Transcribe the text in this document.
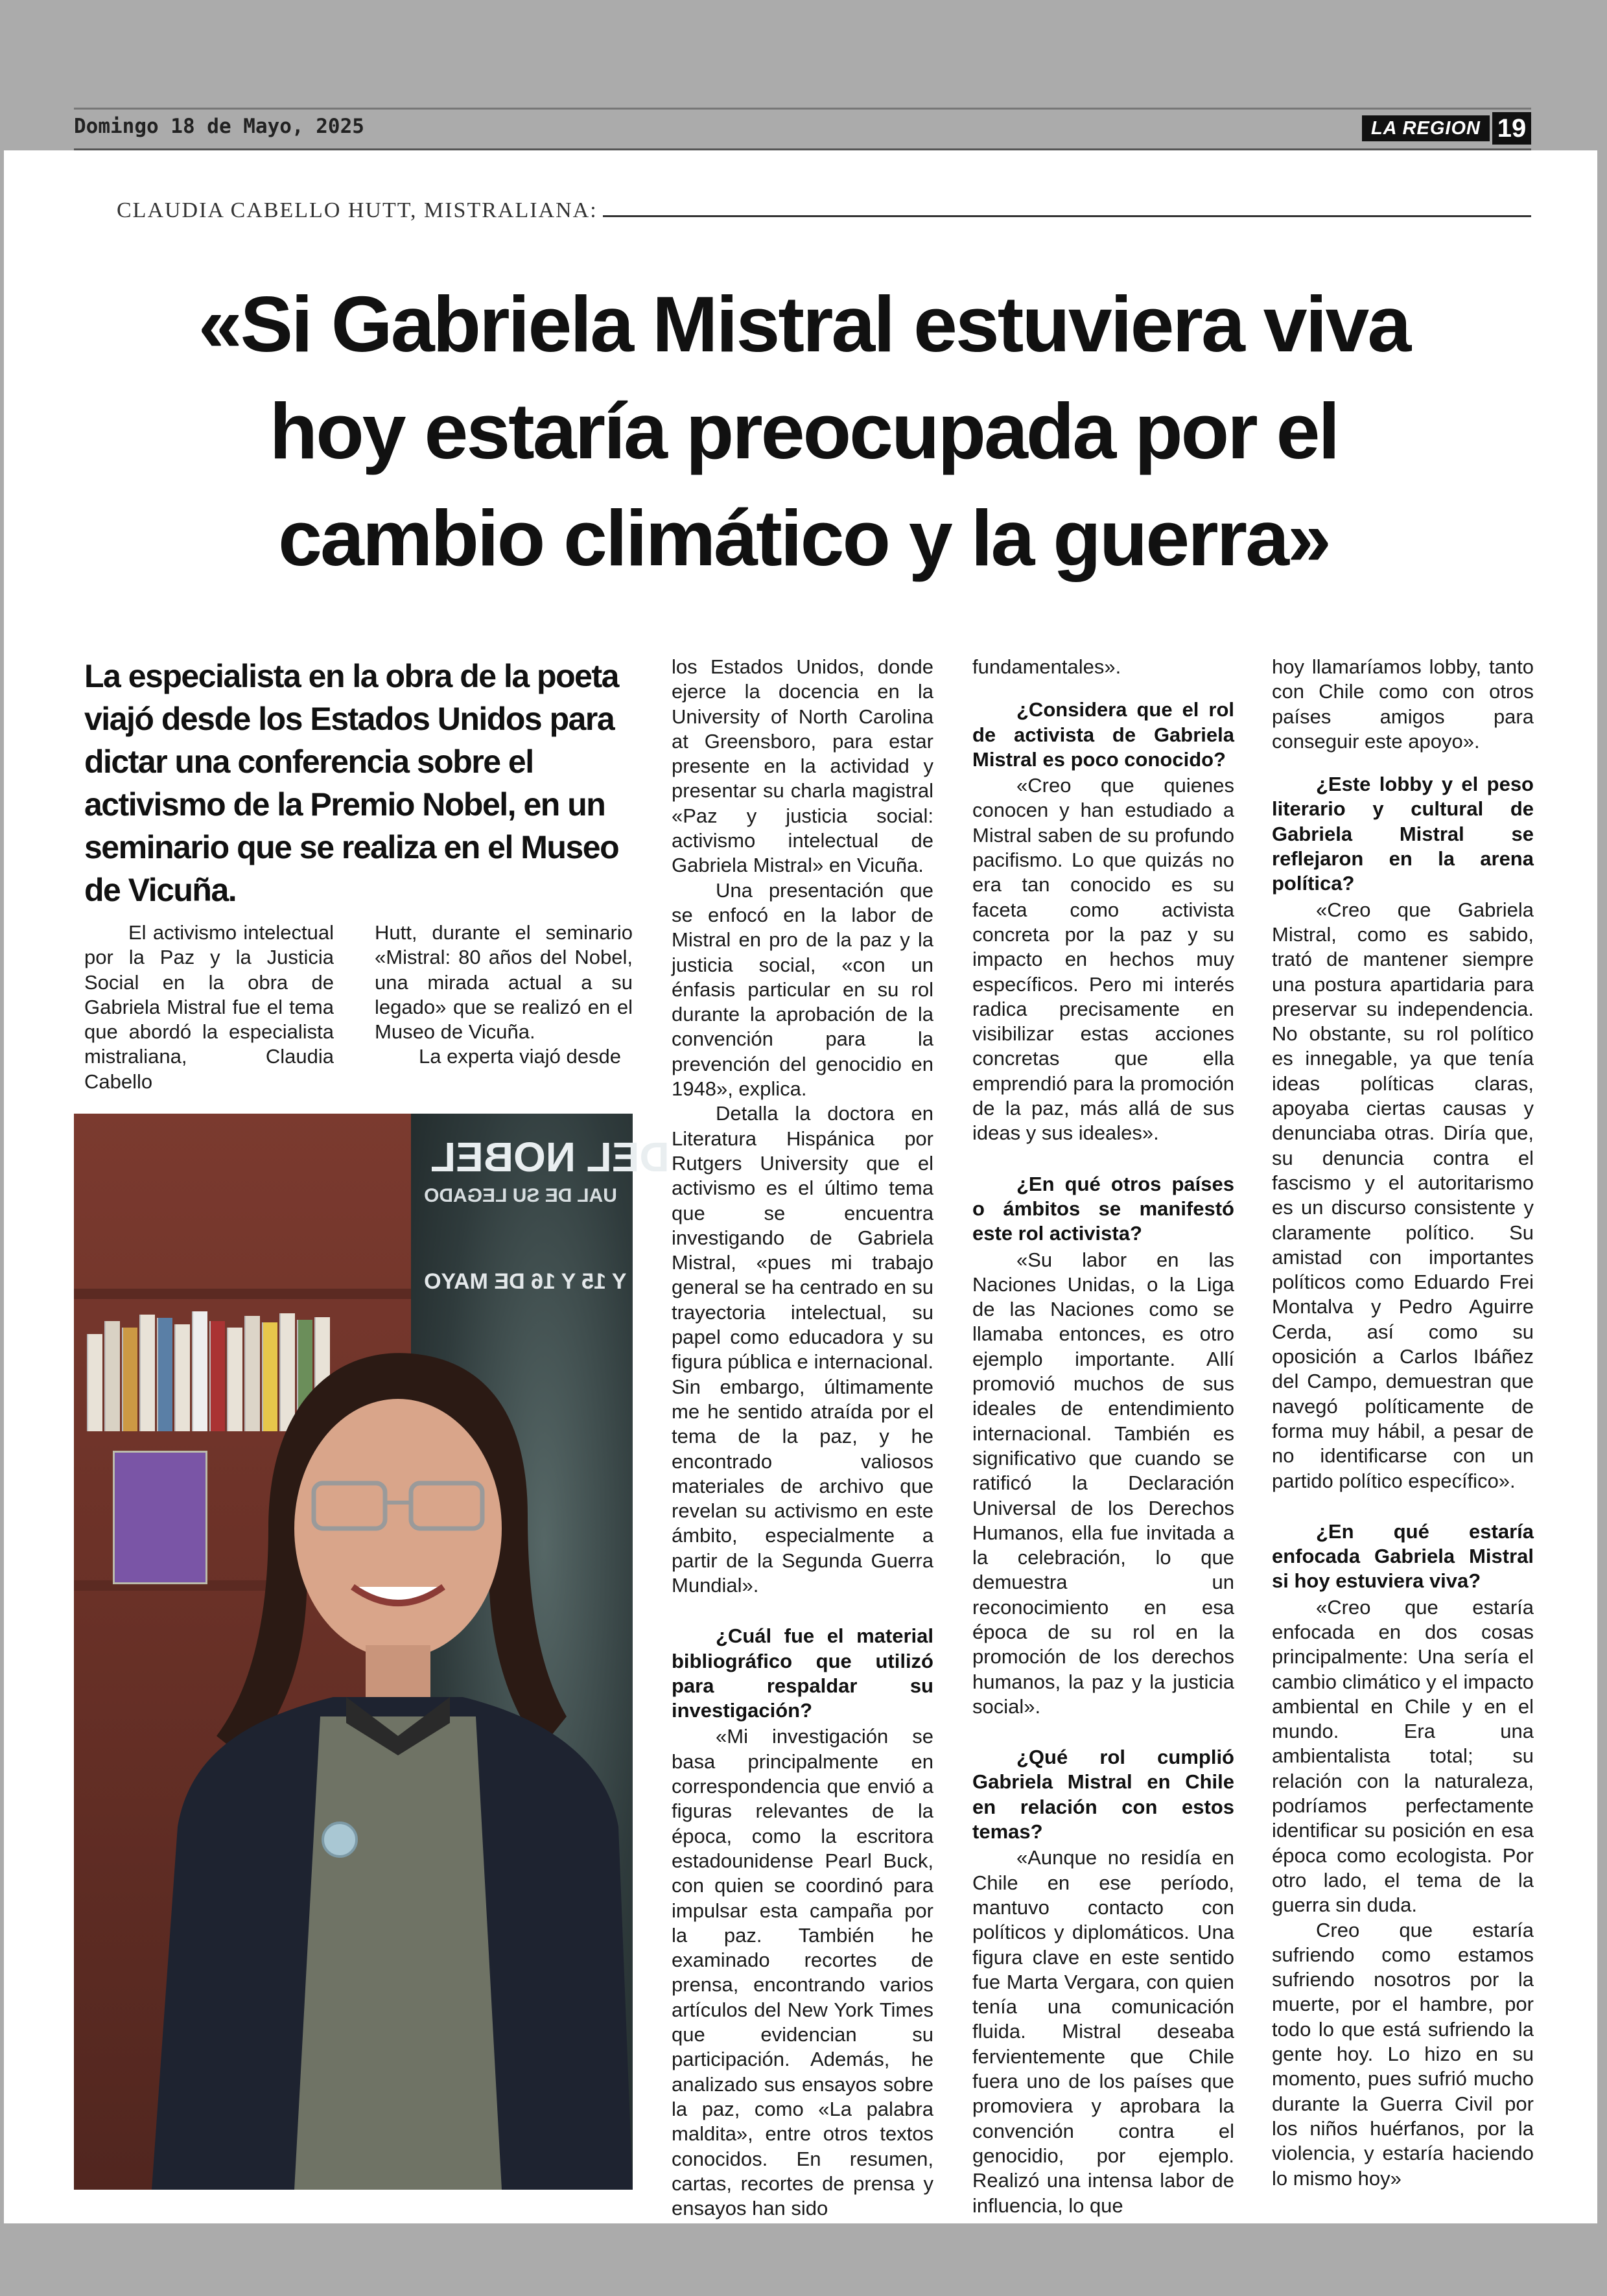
Domingo 18 de Mayo, 2025	LA REGION 19
CLAUDIA CABELLO HUTT, MISTRALIANA:
«Si Gabriela Mistral estuviera viva
hoy estaría preocupada por el
cambio climático y la guerra»

La especialista en la obra de la poeta viajó desde los Estados Unidos para dictar una conferencia sobre el activismo de la Premio Nobel, en un seminario que se realiza en el Museo de Vicuña.

El activismo intelectual por la Paz y la Justicia Social en la obra de Gabriela Mistral fue el tema que abordó la especialista mistraliana, Claudia Cabello

Hutt, durante el seminario «Mistral: 80 años del Nobel, una mirada actual a su legado» que se realizó en el Museo de Vicuña.

La experta viajó desde

DEL NOBEL
UAL DE SU LEGADO
Y 15 Y 16 DE MAYO

los Estados Unidos, donde ejerce la docencia en la University of North Carolina at Greensboro, para estar presente en la actividad y presentar su charla magistral «Paz y justicia social: activismo intelectual de Gabriela Mistral» en Vicuña.

Una presentación que se enfocó en la labor de Mistral en pro de la paz y la justicia social, «con un énfasis particular en su rol durante la aprobación de la convención para la prevención del genocidio en 1948», explica.

Detalla la doctora en Literatura Hispánica por Rutgers University que el activismo es el último tema que se encuentra investigando de Gabriela Mistral, «pues mi trabajo general se ha centrado en su trayectoria intelectual, su papel como educadora y su figura pública e internacional. Sin embargo, últimamente me he sentido atraída por el tema de la paz, y he encontrado valiosos materiales de archivo que revelan su activismo en este ámbito, especialmente a partir de la Segunda Guerra Mundial».

¿Cuál fue el material bibliográfico que utilizó para respaldar su investigación?

«Mi investigación se basa principalmente en correspondencia que envió a figuras relevantes de la época, como la escritora estadounidense Pearl Buck, con quien se coordinó para impulsar esta campaña por la paz. También he examinado recortes de prensa, encontrando varios artículos del New York Times que evidencian su participación. Además, he analizado sus ensayos sobre la paz, como «La palabra maldita», entre otros textos conocidos. En resumen, cartas, recortes de prensa y ensayos han sido

fundamentales».

¿Considera que el rol de activista de Gabriela Mistral es poco conocido?

«Creo que quienes conocen y han estudiado a Mistral saben de su profundo pacifismo. Lo que quizás no era tan conocido es su faceta como activista concreta por la paz y su impacto en hechos muy específicos. Pero mi interés radica precisamente en visibilizar estas acciones concretas que ella emprendió para la promoción de la paz, más allá de sus ideas y sus ideales».

¿En qué otros países o ámbitos se manifestó este rol activista?

«Su labor en las Naciones Unidas, o la Liga de las Naciones como se llamaba entonces, es otro ejemplo importante. Allí promovió muchos de sus ideales de entendimiento internacional. También es significativo que cuando se ratificó la Declaración Universal de los Derechos Humanos, ella fue invitada a la celebración, lo que demuestra un reconocimiento en esa época de su rol en la promoción de los derechos humanos, la paz y la justicia social».

¿Qué rol cumplió Gabriela Mistral en Chile en relación con estos temas?

«Aunque no residía en Chile en ese período, mantuvo contacto con políticos y diplomáticos. Una figura clave en este sentido fue Marta Vergara, con quien tenía una comunicación fluida. Mistral deseaba fervientemente que Chile fuera uno de los países que promoviera y aprobara la convención contra el genocidio, por ejemplo. Realizó una intensa labor de influencia, lo que

hoy llamaríamos lobby, tanto con Chile como con otros países amigos para conseguir este apoyo».

¿Este lobby y el peso literario y cultural de Gabriela Mistral se reflejaron en la arena política?

«Creo que Gabriela Mistral, como es sabido, trató de mantener siempre una postura apartidaria para preservar su independencia. No obstante, su rol político es innegable, ya que tenía ideas políticas claras, apoyaba ciertas causas y denunciaba otras. Diría que, su denuncia contra el fascismo y el autoritarismo es un discurso consistente y claramente político. Su amistad con importantes políticos como Eduardo Frei Montalva y Pedro Aguirre Cerda, así como su oposición a Carlos Ibáñez del Campo, demuestran que navegó políticamente de forma muy hábil, a pesar de no identificarse con un partido político específico».

¿En qué estaría enfocada Gabriela Mistral si hoy estuviera viva?

«Creo que estaría enfocada en dos cosas principalmente: Una sería el cambio climático y el impacto ambiental en Chile y en el mundo. Era una ambientalista total; su relación con la naturaleza, podríamos perfectamente identificar su posición en esa época como ecologista. Por otro lado, el tema de la guerra sin duda.

Creo que estaría sufriendo como estamos sufriendo nosotros por la muerte, por el hambre, por todo lo que está sufriendo la gente hoy. Lo hizo en su momento, pues sufrió mucho durante la Guerra Civil por los niños huérfanos, por la violencia, y estaría haciendo lo mismo hoy»
